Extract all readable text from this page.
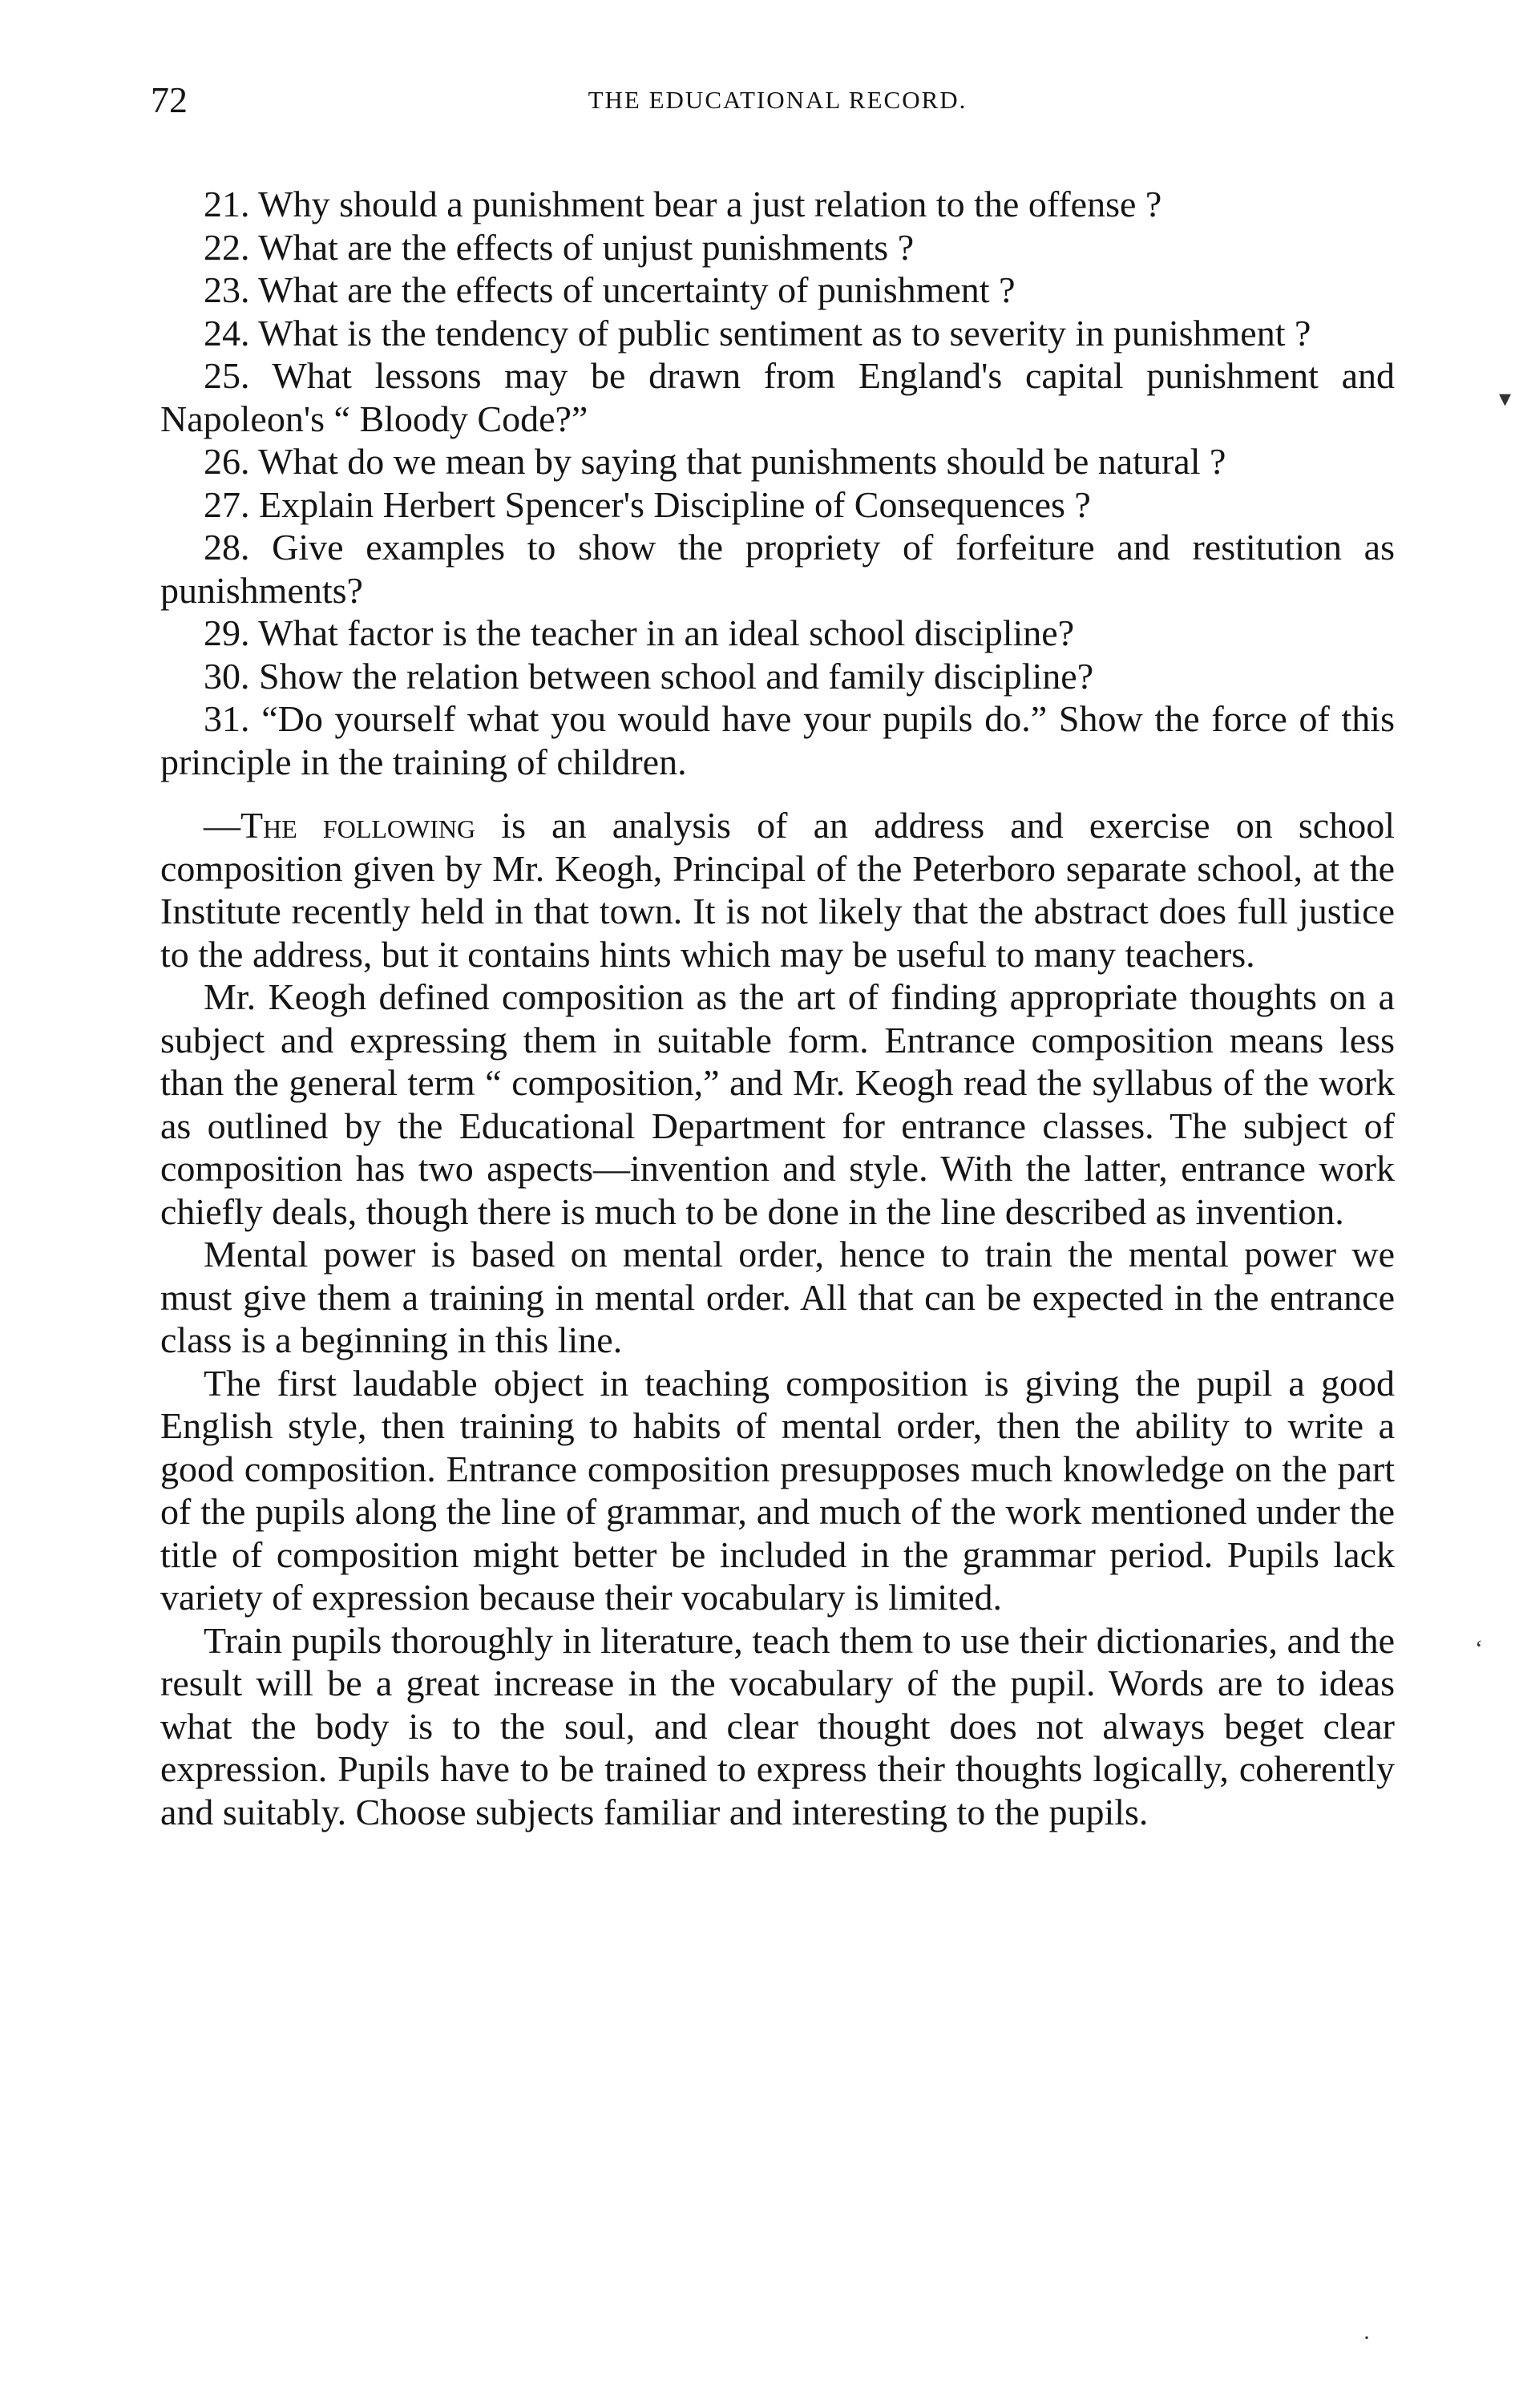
72	THE EDUCATIONAL RECORD.

21. Why should a punishment bear a just relation to the offense ?

22. What are the effects of unjust punishments ?

23. What are the effects of uncertainty of punishment ?

24. What is the tendency of public sentiment as to severity in punishment ?

25. What lessons may be drawn from England's capital punishment and Napoleon's “ Bloody Code?”

26. What do we mean by saying that punishments should be natural ?

27. Explain Herbert Spencer's Discipline of Consequences ?

28. Give examples to show the propriety of forfeiture and restitution as punishments?

29. What factor is the teacher in an ideal school discipline?

30. Show the relation between school and family discipline?

31. “Do yourself what you would have your pupils do.” Show the force of this principle in the training of children.

—The following is an analysis of an address and exercise on school composition given by Mr. Keogh, Principal of the Peterboro separate school, at the Institute recently held in that town. It is not likely that the abstract does full justice to the address, but it contains hints which may be useful to many teachers.

Mr. Keogh defined composition as the art of finding appropriate thoughts on a subject and expressing them in suitable form. Entrance composition means less than the general term “ composition,” and Mr. Keogh read the syllabus of the work as outlined by the Educational Department for entrance classes. The subject of composition has two aspects—invention and style. With the latter, entrance work chiefly deals, though there is much to be done in the line described as invention.

Mental power is based on mental order, hence to train the mental power we must give them a training in mental order. All that can be expected in the entrance class is a beginning in this line.

The first laudable object in teaching composition is giving the pupil a good English style, then training to habits of mental order, then the ability to write a good composition. Entrance composition presupposes much knowledge on the part of the pupils along the line of grammar, and much of the work mentioned under the title of composition might better be included in the grammar period. Pupils lack variety of expression because their vocabulary is limited.

Train pupils thoroughly in literature, teach them to use their dictionaries, and the result will be a great increase in the vocabulary of the pupil. Words are to ideas what the body is to the soul, and clear thought does not always beget clear expression. Pupils have to be trained to express their thoughts logically, coherently and suitably. Choose subjects familiar and interesting to the pupils.

▾
‘
·
